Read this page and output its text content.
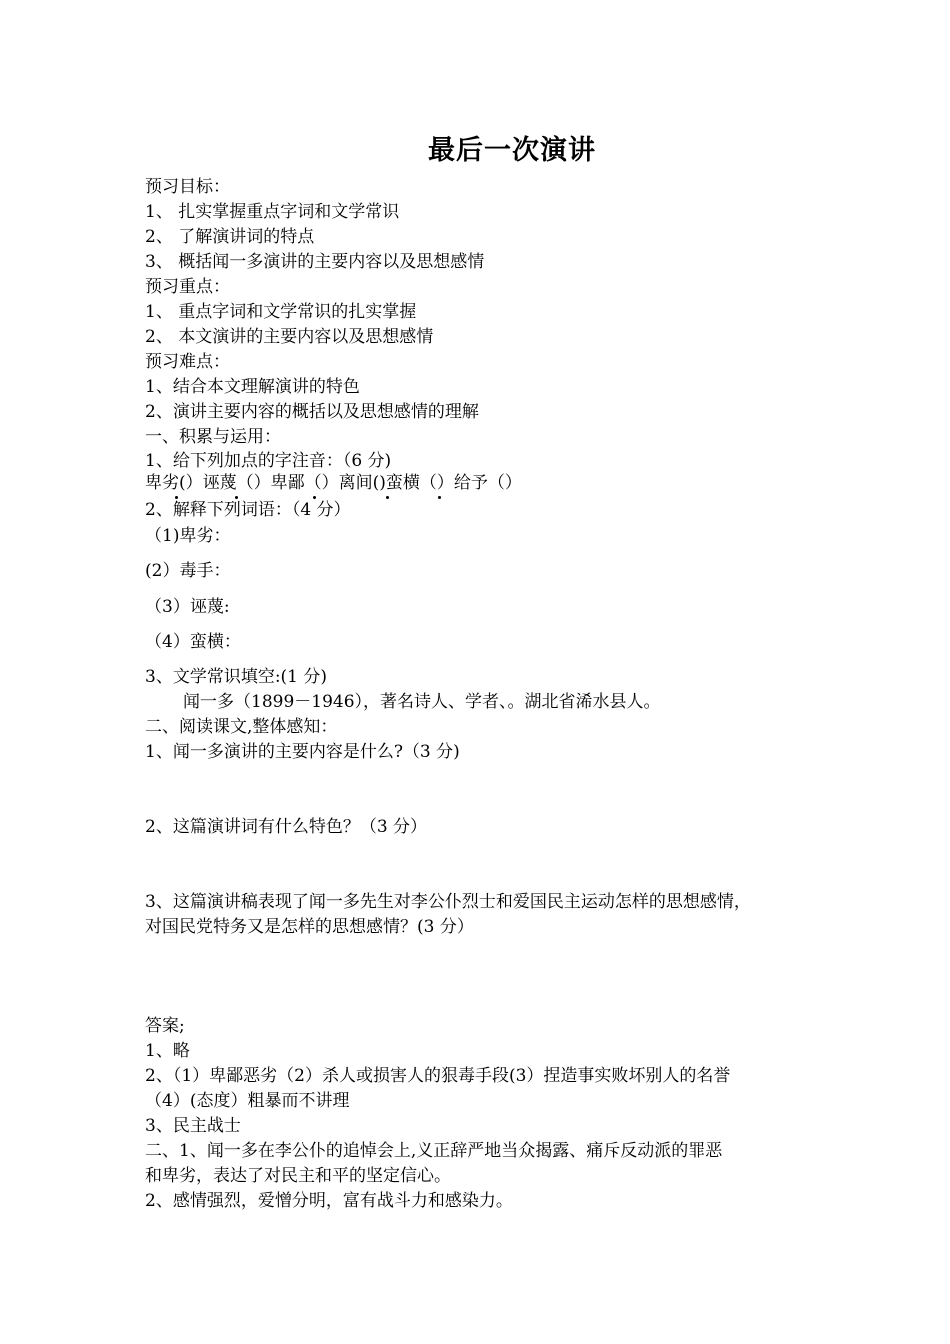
最后一次演讲
预习目标：
1、 扎实掌握重点字词和文学常识
2、 了解演讲词的特点
3、 概括闻一多演讲的主要内容以及思想感情
预习重点：
1、 重点字词和文学常识的扎实掌握
2、 本文演讲的主要内容以及思想感情
预习难点：
1、结合本文理解演讲的特色
2、演讲主要内容的概括以及思想感情的理解
一、积累与运用：
1、给下列加点的字注音：（6 分)
卑劣(）诬蔑（）卑鄙（）离间()蛮横（）给予（）
2、解释下列词语：（4 分）
（1)卑劣：
(2）毒手：
（3）诬蔑:
（4）蛮横：
3、文学常识填空:(1 分)
闻一多（1899－1946），著名诗人、学者、。湖北省浠水县人。
二、阅读课文,整体感知：
1、闻一多演讲的主要内容是什么?（3 分)
2、这篇演讲词有什么特色？（3 分）
3、这篇演讲稿表现了闻一多先生对李公仆烈士和爱国民主运动怎样的思想感情，
对国民党特务又是怎样的思想感情？(3 分）
答案;
1、略
2、（1）卑鄙恶劣（2）杀人或损害人的狠毒手段(3）捏造事实败坏别人的名誉
（4）(态度）粗暴而不讲理
3、民主战士
二、1、闻一多在李公仆的追悼会上,义正辞严地当众揭露、痛斥反动派的罪恶
和卑劣，表达了对民主和平的坚定信心。
2、感情强烈，爱憎分明，富有战斗力和感染力。
